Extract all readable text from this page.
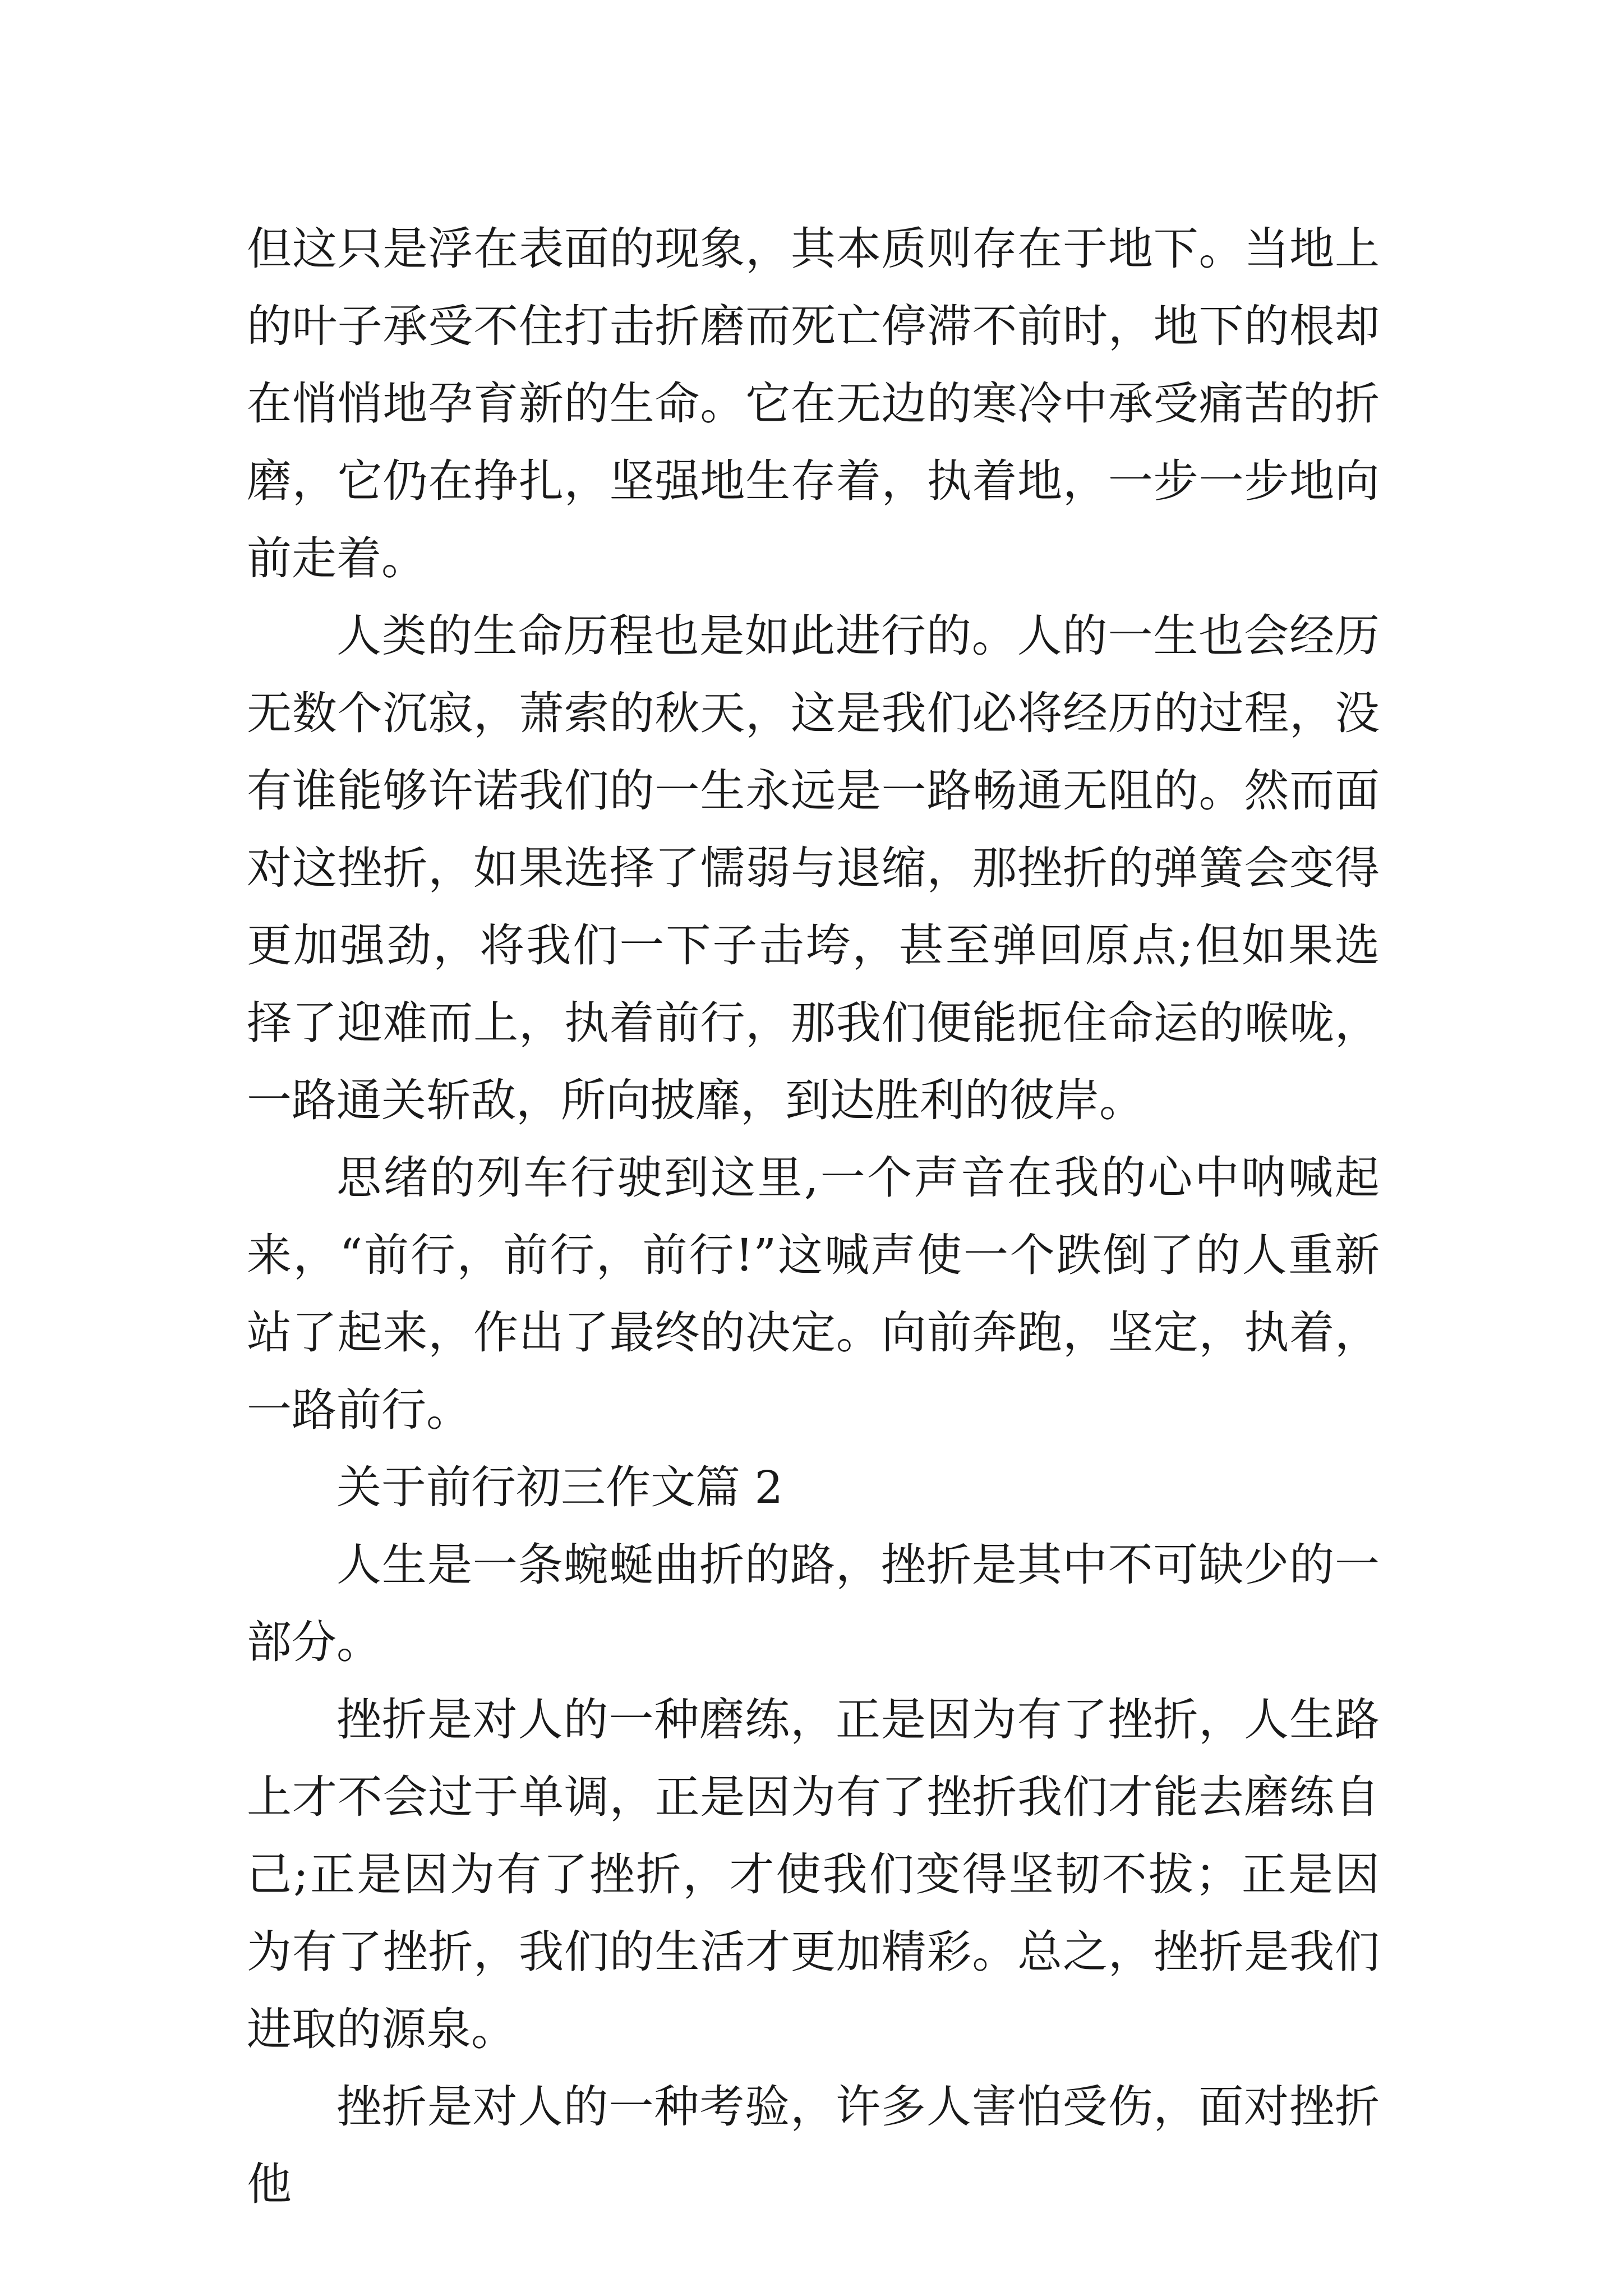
但这只是浮在表面的现象，其本质则存在于地下。当地上的叶子承受不住打击折磨而死亡停滞不前时，地下的根却在悄悄地孕育新的生命。它在无边的寒冷中承受痛苦的折磨，它仍在挣扎，坚强地生存着，执着地，一步一步地向前走着。

人类的生命历程也是如此进行的。人的一生也会经历无数个沉寂，萧索的秋天，这是我们必将经历的过程，没有谁能够许诺我们的一生永远是一路畅通无阻的。然而面对这挫折，如果选择了懦弱与退缩，那挫折的弹簧会变得更加强劲，将我们一下子击垮，甚至弹回原点;但如果选择了迎难而上，执着前行，那我们便能扼住命运的喉咙，一路通关斩敌，所向披靡，到达胜利的彼岸。

思绪的列车行驶到这里,一个声音在我的心中呐喊起来，“前行，前行，前行!”这喊声使一个跌倒了的人重新站了起来，作出了最终的决定。向前奔跑，坚定，执着，一路前行。

关于前行初三作文篇 2

人生是一条蜿蜒曲折的路，挫折是其中不可缺少的一部分。

挫折是对人的一种磨练，正是因为有了挫折，人生路上才不会过于单调，正是因为有了挫折我们才能去磨练自己;正是因为有了挫折，才使我们变得坚韧不拔；正是因为有了挫折，我们的生活才更加精彩。总之，挫折是我们进取的源泉。

挫折是对人的一种考验，许多人害怕受伤，面对挫折他
